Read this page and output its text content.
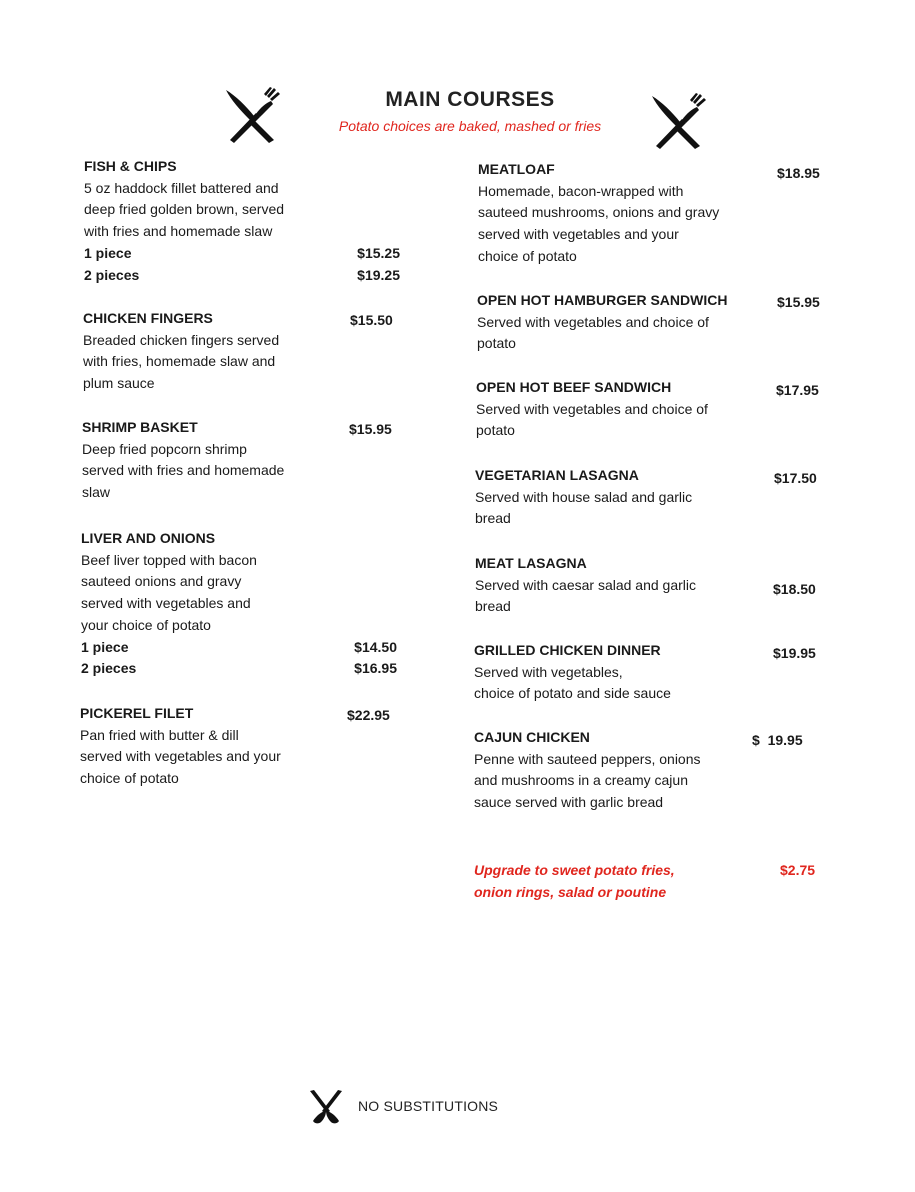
MAIN COURSES
Potato choices are baked, mashed or fries
FISH & CHIPS
5 oz haddock fillet battered and
deep fried golden brown, served
with fries and homemade slaw
1 piece	$15.25
2 pieces	$19.25
CHICKEN FINGERS
Breaded chicken fingers served
with fries, homemade slaw and
plum sauce
$15.50
SHRIMP BASKET
Deep fried popcorn shrimp
served with fries and homemade
slaw
$15.95
LIVER AND ONIONS
Beef liver topped with bacon
sauteed onions and gravy
served with vegetables and
your choice of potato
1 piece	$14.50
2 pieces	$16.95
PICKEREL FILET
Pan fried with butter & dill
served with vegetables and your
choice of potato
$22.95
MEATLOAF
Homemade, bacon-wrapped with
sauteed mushrooms, onions and gravy
served with vegetables and your
choice of potato
$18.95
OPEN HOT HAMBURGER SANDWICH
Served with vegetables and choice of
potato
$15.95
OPEN HOT BEEF SANDWICH
Served with vegetables and choice of
potato
$17.95
VEGETARIAN LASAGNA
Served with house salad and garlic
bread
$17.50
MEAT LASAGNA
Served with caesar salad and garlic
bread
$18.50
GRILLED CHICKEN DINNER
Served with vegetables,
choice of potato and side sauce
$19.95
CAJUN CHICKEN
Penne with sauteed peppers, onions
and mushrooms in a creamy cajun
sauce served with garlic bread
$  19.95
Upgrade to sweet potato fries,
onion rings, salad or poutine
$2.75
NO SUBSTITUTIONS
